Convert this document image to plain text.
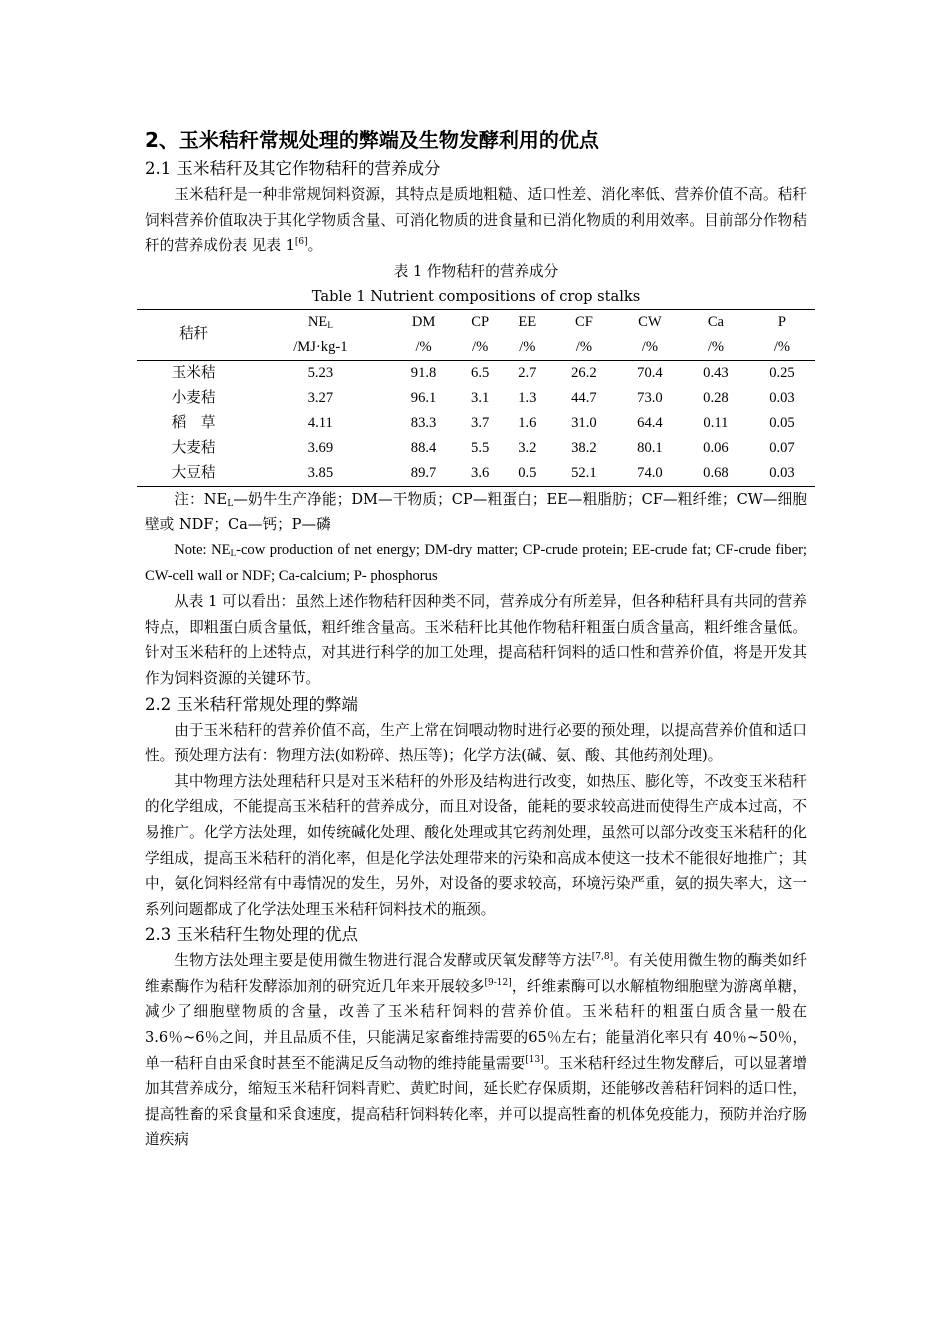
2、玉米秸秆常规处理的弊端及生物发酵利用的优点
2.1 玉米秸秆及其它作物秸秆的营养成分

玉米秸秆是一种非常规饲料资源，其特点是质地粗糙、适口性差、消化率低、营养价值不高。秸秆饲料营养价值取决于其化学物质含量、可消化物质的进食量和已消化物质的利用效率。目前部分作物秸秆的营养成份表 见表 1[6]。

表 1 作物秸秆的营养成分
Table 1 Nutrient compositions of crop stalks
秸秆	$NE_L$	DM	CP	EE	CF	CW	Ca	P
	/MJ·kg-1	/%	/%	/%	/%	/%	/%	/%
玉米秸	5.23	91.8	6.5	2.7	26.2	70.4	0.43	0.25
小麦秸	3.27	96.1	3.1	1.3	44.7	73.0	0.28	0.03
稻　草	4.11	83.3	3.7	1.6	31.0	64.4	0.11	0.05
大麦秸	3.69	88.4	5.5	3.2	38.2	80.1	0.06	0.07
大豆秸	3.85	89.7	3.6	0.5	52.1	74.0	0.68	0.03

注：$NE_L—$奶牛生产净能；DM—干物质；CP—粗蛋白；EE—粗脂肪；CF—粗纤维；CW—细胞壁或 NDF；Ca—钙；P—磷

Note: $NE_L$-cow production of net energy; DM-dry matter; CP-crude protein; EE-crude fat; CF-crude fiber; CW-cell wall or NDF; Ca-calcium; P- phosphorus

从表 1 可以看出：虽然上述作物秸秆因种类不同，营养成分有所差异，但各种秸秆具有共同的营养特点，即粗蛋白质含量低，粗纤维含量高。玉米秸秆比其他作物秸秆粗蛋白质含量高，粗纤维含量低。针对玉米秸秆的上述特点，对其进行科学的加工处理，提高秸秆饲料的适口性和营养价值，将是开发其作为饲料资源的关键环节。

2.2 玉米秸秆常规处理的弊端

由于玉米秸秆的营养价值不高，生产上常在饲喂动物时进行必要的预处理，以提高营养价值和适口性。预处理方法有：物理方法(如粉碎、热压等)；化学方法(碱、氨、酸、其他药剂处理)。

其中物理方法处理秸秆只是对玉米秸秆的外形及结构进行改变，如热压、膨化等，不改变玉米秸秆的化学组成，不能提高玉米秸秆的营养成分，而且对设备，能耗的要求较高进而使得生产成本过高，不易推广。化学方法处理，如传统碱化处理、酸化处理或其它药剂处理，虽然可以部分改变玉米秸秆的化学组成，提高玉米秸秆的消化率，但是化学法处理带来的污染和高成本使这一技术不能很好地推广；其中，氨化饲料经常有中毒情况的发生，另外，对设备的要求较高，环境污染严重，氨的损失率大，这一系列问题都成了化学法处理玉米秸秆饲料技术的瓶颈。

2.3 玉米秸秆生物处理的优点

生物方法处理主要是使用微生物进行混合发酵或厌氧发酵等方法[7,8]。有关使用微生物的酶类如纤维素酶作为秸秆发酵添加剂的研究近几年来开展较多[9-12]，纤维素酶可以水解植物细胞壁为游离单糖，减少了细胞壁物质的含量，改善了玉米秸秆饲料的营养价值。玉米秸秆的粗蛋白质含量一般在 3.6％~6％之间，并且品质不佳，只能满足家畜维持需要的65％左右；能量消化率只有 40％~50％，单一秸秆自由采食时甚至不能满足反刍动物的维持能量需要[13]。玉米秸秆经过生物发酵后，可以显著增加其营养成分，缩短玉米秸秆饲料青贮、黄贮时间，延长贮存保质期，还能够改善秸秆饲料的适口性，提高牲畜的采食量和采食速度，提高秸秆饲料转化率，并可以提高牲畜的机体免疫能力，预防并治疗肠道疾病
